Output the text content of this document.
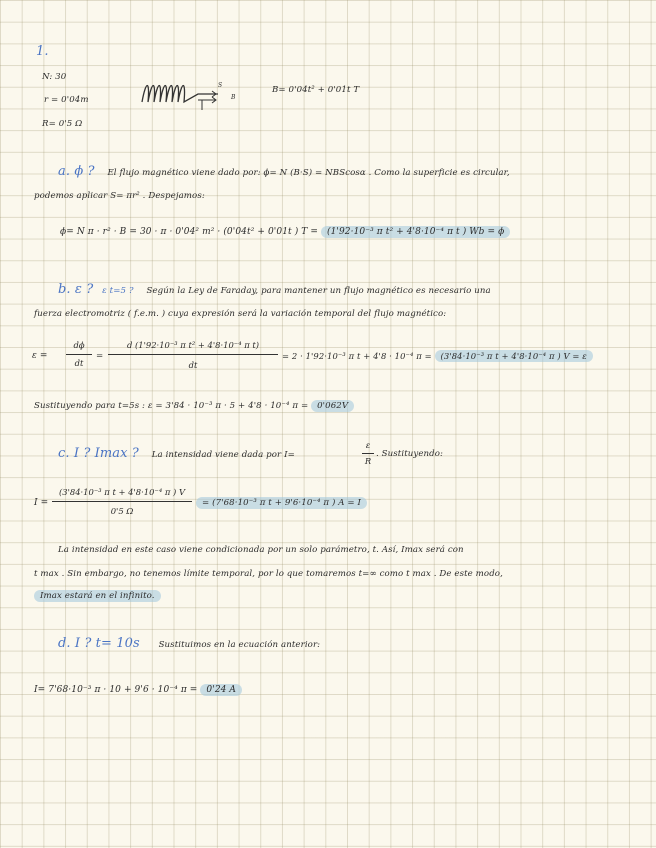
1.
N: 30
r = 0'04m
R= 0'5 Ω
S
B
B= 0'04t² + 0'01t T
a. ϕ ? El flujo magnético viene dado por: ϕ= N (B·S) = NBScosα . Como la superficie es circular,
podemos aplicar S= πr² . Despejamos:
ϕ= N π · r² · B = 30 · π · 0'04² m² · (0'04t² + 0'01t ) T = (1'92·10⁻³ π t² + 4'8·10⁻⁴ π t ) Wb = ϕ
b. ε ? ε t=5 ? Según la Ley de Faraday, para mantener un flujo magnético es necesario una
fuerza electromotriz ( f.e.m. ) cuya expresión será la variación temporal del flujo magnético:
ε =
dϕ
dt
=
d (1'92·10⁻³ π t² + 4'8·10⁻⁴ π t)
dt
= 2 · 1'92·10⁻³ π t + 4'8 · 10⁻⁴ π = (3'84·10⁻³ π t + 4'8·10⁻⁴ π ) V = ε
Sustituyendo para t=5s : ε = 3'84 · 10⁻³ π · 5 + 4'8 · 10⁻⁴ π = 0'062V
c. I ? Imax ? La intensidad viene dada por I=
ε
R
. Sustituyendo:
I =
(3'84·10⁻³ π t + 4'8·10⁻⁴ π ) V
0'5 Ω
= (7'68·10⁻³ π t + 9'6·10⁻⁴ π ) A = I
La intensidad en este caso viene condicionada por un solo parámetro, t. Así, Imax será con
t max . Sin embargo, no tenemos límite temporal, por lo que tomaremos t=∞ como t max . De este modo,
Imax estará en el infinito.
d. I ? t= 10s Sustituimos en la ecuación anterior:
I= 7'68·10⁻³ π · 10 + 9'6 · 10⁻⁴ π = 0'24 A
